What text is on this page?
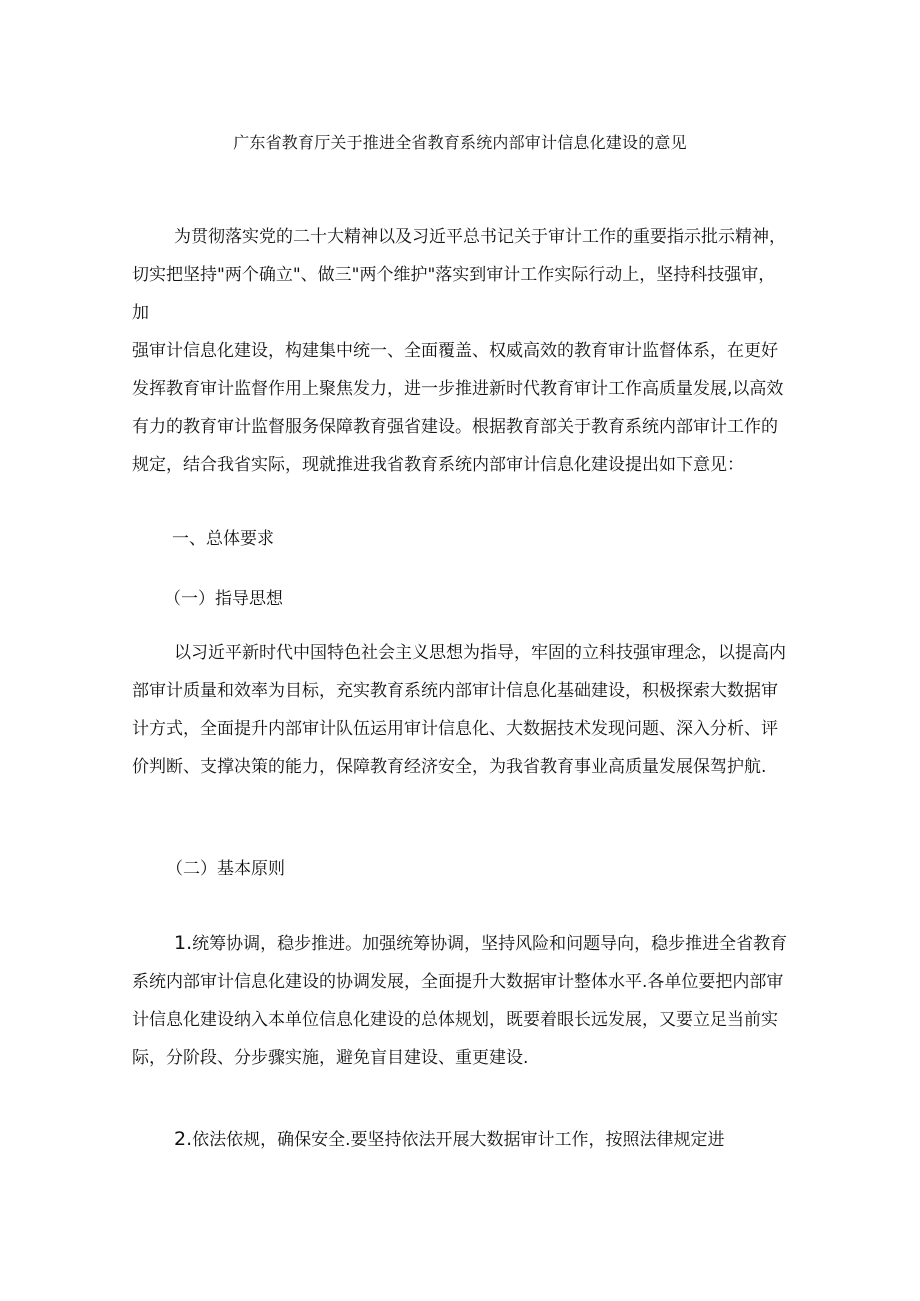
广东省教育厅关于推进全省教育系统内部审计信息化建设的意见
为贯彻落实党的二十大精神以及习近平总书记关于审计工作的重要指示批示精神，
切实把坚持"两个确立"、做三"两个维护"落实到审计工作实际行动上，坚持科技强审，加
强审计信息化建设，构建集中统一、全面覆盖、权威高效的教育审计监督体系，在更好
发挥教育审计监督作用上聚焦发力，进一步推进新时代教育审计工作高质量发展,以高效
有力的教育审计监督服务保障教育强省建设。根据教育部关于教育系统内部审计工作的
规定，结合我省实际，现就推进我省教育系统内部审计信息化建设提出如下意见：
一、总体要求
（一）指导思想
以习近平新时代中国特色社会主义思想为指导，牢固的立科技强审理念，以提高内
部审计质量和效率为目标，充实教育系统内部审计信息化基础建设，积极探索大数据审
计方式，全面提升内部审计队伍运用审计信息化、大数据技术发现问题、深入分析、评
价判断、支撑决策的能力，保障教育经济安全，为我省教育事业高质量发展保驾护航.
（二）基本原则
1.统筹协调，稳步推进。加强统筹协调，坚持风险和问题导向，稳步推进全省教育
系统内部审计信息化建设的协调发展，全面提升大数据审计整体水平.各单位要把内部审
计信息化建设纳入本单位信息化建设的总体规划，既要着眼长远发展，又要立足当前实
际，分阶段、分步骤实施，避免盲目建设、重更建设.
2.依法依规，确保安全.要坚持依法开展大数据审计工作，按照法律规定进
